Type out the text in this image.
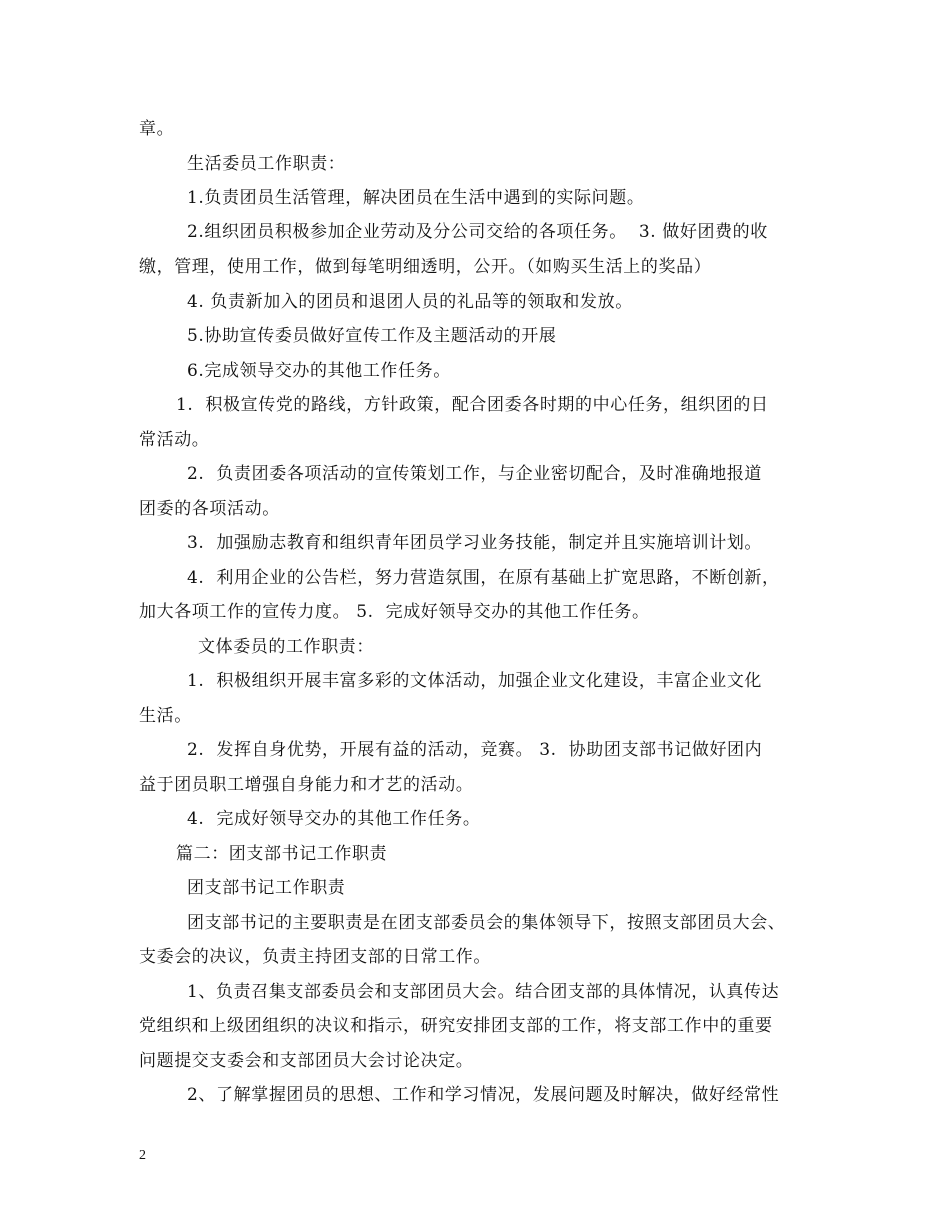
章。
生活委员工作职责：
1.负责团员生活管理，解决团员在生活中遇到的实际问题。
2.组织团员积极参加企业劳动及分公司交给的各项任务。  3. 做好团费的收
缴，管理，使用工作，做到每笔明细透明，公开。（如购买生活上的奖品）
4. 负责新加入的团员和退团人员的礼品等的领取和发放。
5.协助宣传委员做好宣传工作及主题活动的开展
6.完成领导交办的其他工作任务。
1.  积极宣传党的路线，方针政策，配合团委各时期的中心任务，组织团的日
常活动。
2.  负责团委各项活动的宣传策划工作，与企业密切配合，及时准确地报道
团委的各项活动。
3.  加强励志教育和组织青年团员学习业务技能，制定并且实施培训计划。
4.  利用企业的公告栏，努力营造氛围，在原有基础上扩宽思路，不断创新，
加大各项工作的宣传力度。 5.  完成好领导交办的其他工作任务。
文体委员的工作职责：
1.  积极组织开展丰富多彩的文体活动，加强企业文化建设，丰富企业文化
生活。
2.  发挥自身优势，开展有益的活动，竞赛。 3.  协助团支部书记做好团内
益于团员职工增强自身能力和才艺的活动。
4.  完成好领导交办的其他工作任务。
篇二：团支部书记工作职责
团支部书记工作职责
团支部书记的主要职责是在团支部委员会的集体领导下，按照支部团员大会、
支委会的决议，负责主持团支部的日常工作。
1、负责召集支部委员会和支部团员大会。结合团支部的具体情况，认真传达
党组织和上级团组织的决议和指示，研究安排团支部的工作，将支部工作中的重要
问题提交支委会和支部团员大会讨论决定。
2、了解掌握团员的思想、工作和学习情况，发展问题及时解决，做好经常性
2
